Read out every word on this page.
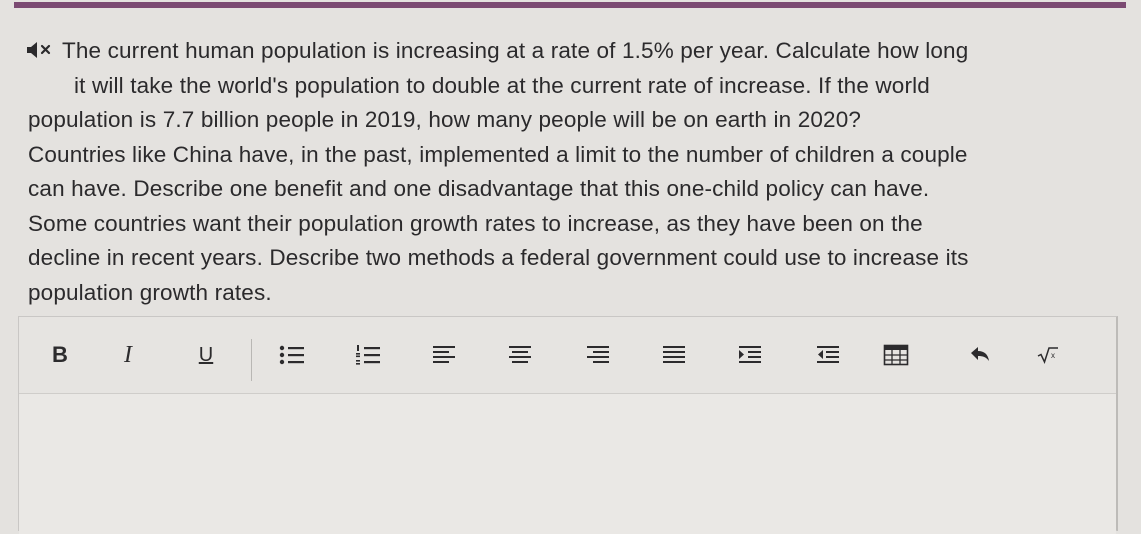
The current human population is increasing at a rate of 1.5% per year. Calculate how long
it will take the world's population to double at the current rate of increase. If the world
population is 7.7 billion people in 2019, how many people will be on earth in 2020?
Countries like China have, in the past, implemented a limit to the number of children a couple
can have. Describe one benefit and one disadvantage that this one-child policy can have.
Some countries want their population growth rates to increase, as they have been on the
decline in recent years. Describe two methods a federal government could use to increase its
population growth rates.
B	I	U	x
